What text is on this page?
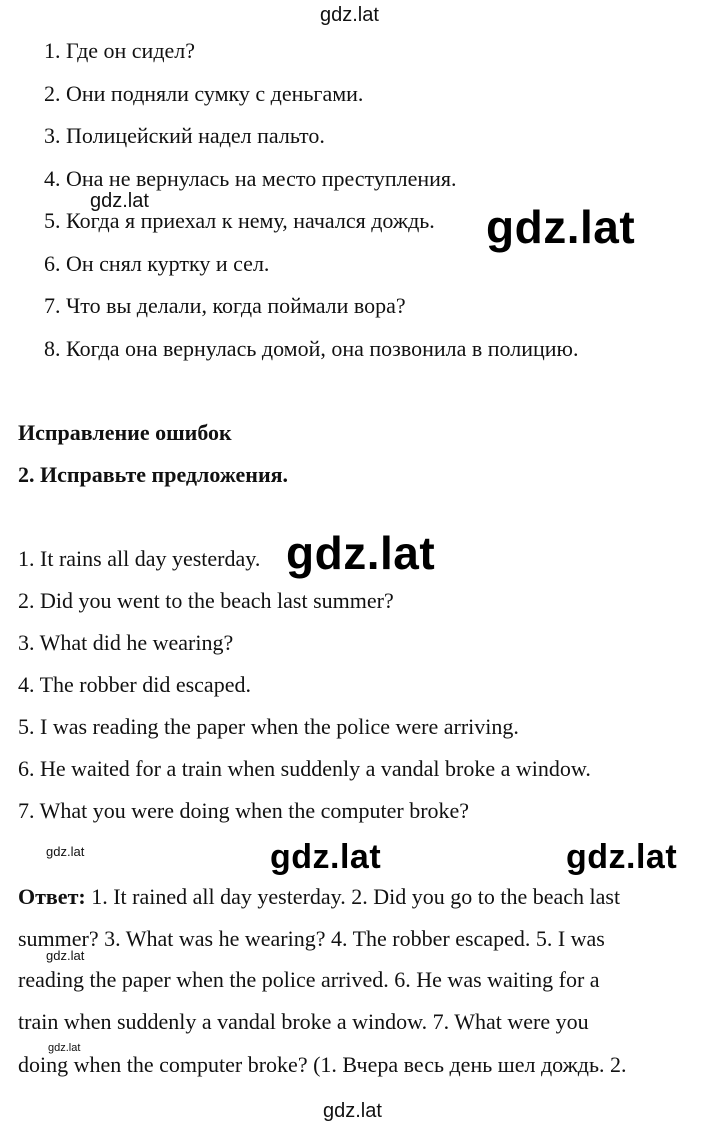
gdz.lat
1. Где он сидел?
2. Они подняли сумку с деньгами.
3. Полицейский надел пальто.
4. Она не вернулась на место преступления.
gdz.lat
5. Когда я приехал к нему, начался дождь. gdz.lat
6. Он снял куртку и сел.
7. Что вы делали, когда поймали вора?
8. Когда она вернулась домой, она позвонила в полицию.
Исправление ошибок
2. Исправьте предложения.
1. It rains all day yesterday. gdz.lat
2. Did you went to the beach last summer?
3. What did he wearing?
4. The robber did escaped.
5. I was reading the paper when the police were arriving.
6. He waited for a train when suddenly a vandal broke a window.
7. What you were doing when the computer broke?
gdz.lat	gdz.lat	gdz.lat
Ответ: 1. It rained all day yesterday. 2. Did you go to the beach last
summer? 3. What was he wearing? 4. The robber escaped. 5. I was
gdz.lat
reading the paper when the police arrived. 6. He was waiting for a
train when suddenly a vandal broke a window. 7. What were you
gdz.lat
doing when the computer broke? (1. Вчера весь день шел дождь. 2.
gdz.lat
